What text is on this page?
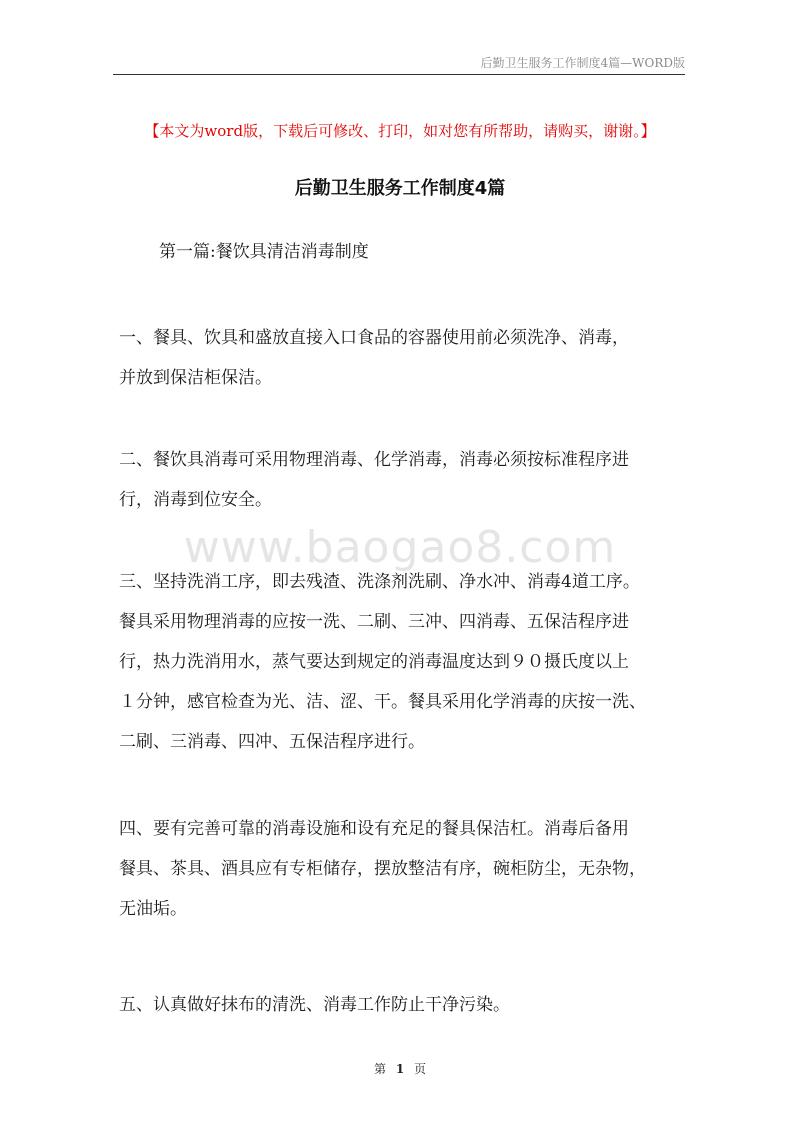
后勤卫生服务工作制度4篇—WORD版
【本文为word版，下载后可修改、打印，如对您有所帮助，请购买，谢谢。】
后勤卫生服务工作制度4篇
第一篇:餐饮具清洁消毒制度
www.baogao8.com
一、餐具、饮具和盛放直接入口食品的容器使用前必须洗净、消毒，
并放到保洁柜保洁。
二、餐饮具消毒可采用物理消毒、化学消毒，消毒必须按标准程序进
行，消毒到位安全。
三、坚持洗消工序，即去残渣、洗涤剂洗刷、净水冲、消毒4道工序。
餐具采用物理消毒的应按一洗、二刷、三冲、四消毒、五保洁程序进
行，热力洗消用水，蒸气要达到规定的消毒温度达到９０摄氏度以上
１分钟，感官检查为光、洁、涩、干。餐具采用化学消毒的庆按一洗、
二刷、三消毒、四冲、五保洁程序进行。
四、要有完善可靠的消毒设施和设有充足的餐具保洁杠。消毒后备用
餐具、茶具、酒具应有专柜储存，摆放整洁有序，碗柜防尘，无杂物，
无油垢。
五、认真做好抹布的清洗、消毒工作防止干净污染。
第 1 页
